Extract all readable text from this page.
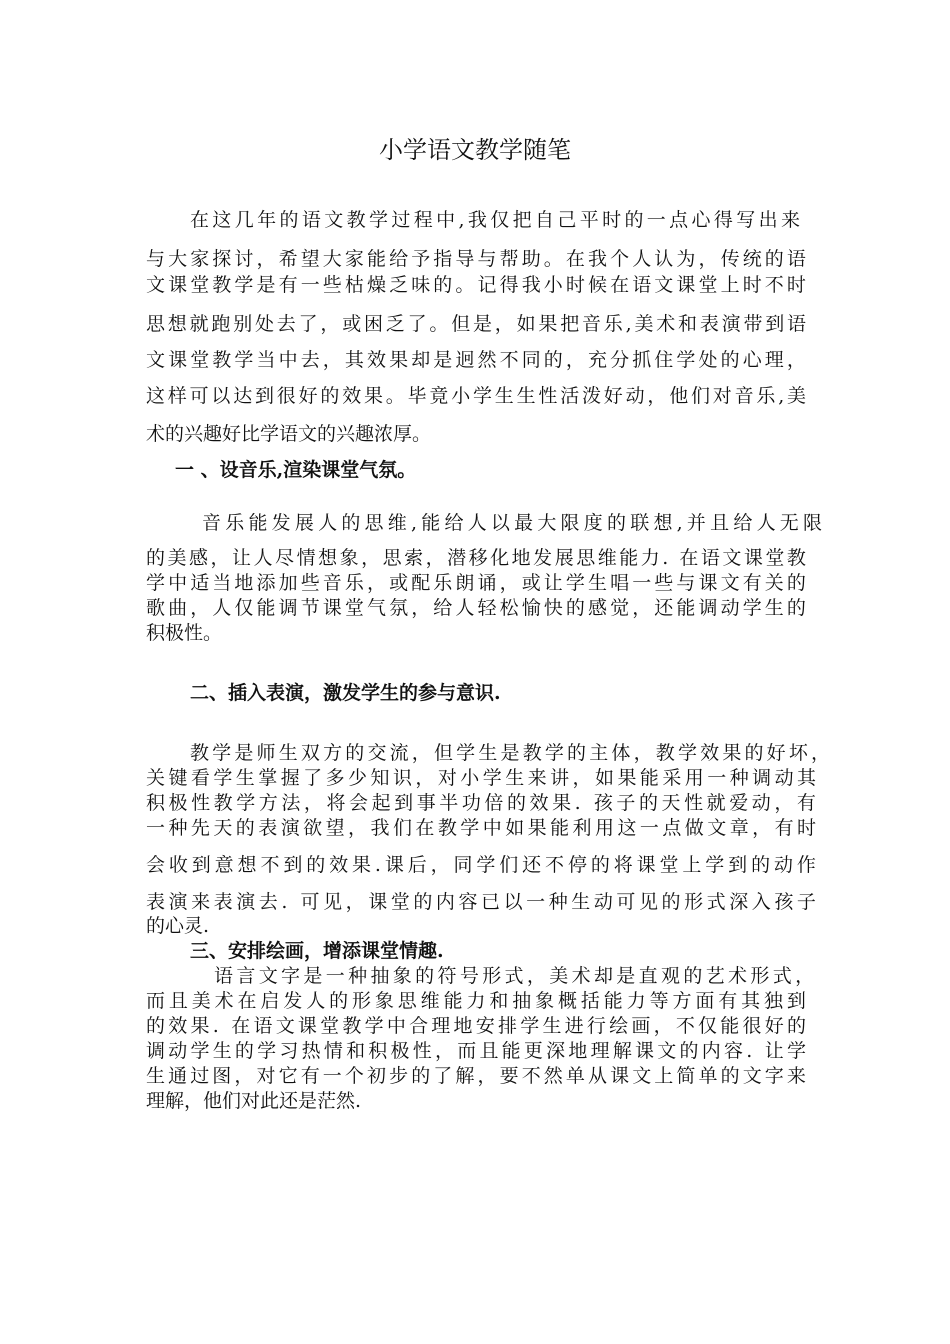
小学语文教学随笔
在这几年的语文教学过程中,我仅把自己平时的一点心得写出来
与大家探讨，希望大家能给予指导与帮助。在我个人认为，传统的语
文课堂教学是有一些枯燥乏味的。记得我小时候在语文课堂上时不时
思想就跑别处去了，或困乏了。但是，如果把音乐,美术和表演带到语
文课堂教学当中去，其效果却是迥然不同的，充分抓住学处的心理，
这样可以达到很好的效果。毕竟小学生生性活泼好动，他们对音乐,美
术的兴趣好比学语文的兴趣浓厚。
一 、设音乐,渲染课堂气氛。
音乐能发展人的思维,能给人以最大限度的联想,并且给人无限
的美感，让人尽情想象，思索，潜移化地发展思维能力. 在语文课堂教
学中适当地添加些音乐，或配乐朗诵，或让学生唱一些与课文有关的
歌曲，人仅能调节课堂气氛，给人轻松愉快的感觉，还能调动学生的
积极性。
二、插入表演，激发学生的参与意识.
教学是师生双方的交流，但学生是教学的主体，教学效果的好坏，
关键看学生掌握了多少知识，对小学生来讲，如果能采用一种调动其
积极性教学方法，将会起到事半功倍的效果. 孩子的天性就爱动，有
一种先天的表演欲望，我们在教学中如果能利用这一点做文章，有时
会收到意想不到的效果.课后，同学们还不停的将课堂上学到的动作
表演来表演去. 可见，课堂的内容已以一种生动可见的形式深入孩子
的心灵.
三、安排绘画，增添课堂情趣.
语言文字是一种抽象的符号形式，美术却是直观的艺术形式，
而且美术在启发人的形象思维能力和抽象概括能力等方面有其独到
的效果. 在语文课堂教学中合理地安排学生进行绘画，不仅能很好的
调动学生的学习热情和积极性，而且能更深地理解课文的内容. 让学
生通过图，对它有一个初步的了解，要不然单从课文上简单的文字来
理解，他们对此还是茫然.
